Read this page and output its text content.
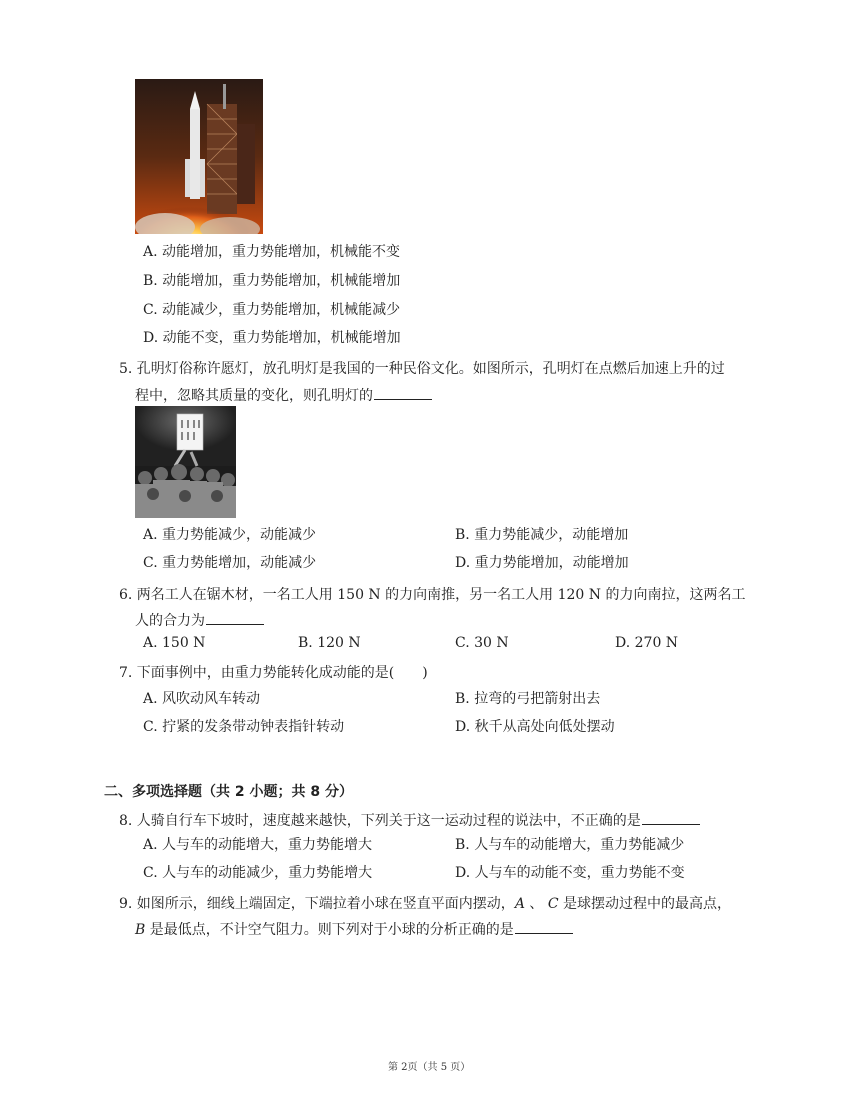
A. 动能增加，重力势能增加，机械能不变
B. 动能增加，重力势能增加，机械能增加
C. 动能减少，重力势能增加，机械能减少
D. 动能不变，重力势能增加，机械能增加
5. 孔明灯俗称许愿灯，放孔明灯是我国的一种民俗文化。如图所示，孔明灯在点燃后加速上升的过
程中，忽略其质量的变化，则孔明灯的
A. 重力势能减少，动能减少	B. 重力势能减少，动能增加
C. 重力势能增加，动能减少	D. 重力势能增加，动能增加
6. 两名工人在锯木材，一名工人用 150 N 的力向南推，另一名工人用 120 N 的力向南拉，这两名工
人的合力为
A. 150 N	B. 120 N	C. 30 N	D. 270 N
7. 下面事例中，由重力势能转化成动能的是(　　)
A. 风吹动风车转动	B. 拉弯的弓把箭射出去
C. 拧紧的发条带动钟表指针转动	D. 秋千从高处向低处摆动
二、多项选择题（共 2 小题；共 8 分）
8. 人骑自行车下坡时，速度越来越快，下列关于这一运动过程的说法中，不正确的是
A. 人与车的动能增大，重力势能增大	B. 人与车的动能增大，重力势能减少
C. 人与车的动能减少，重力势能增大	D. 人与车的动能不变，重力势能不变
9. 如图所示，细线上端固定，下端拉着小球在竖直平面内摆动，A 、 C 是球摆动过程中的最高点，
B 是最低点，不计空气阻力。则下列对于小球的分析正确的是
第 2页（共 5 页）
